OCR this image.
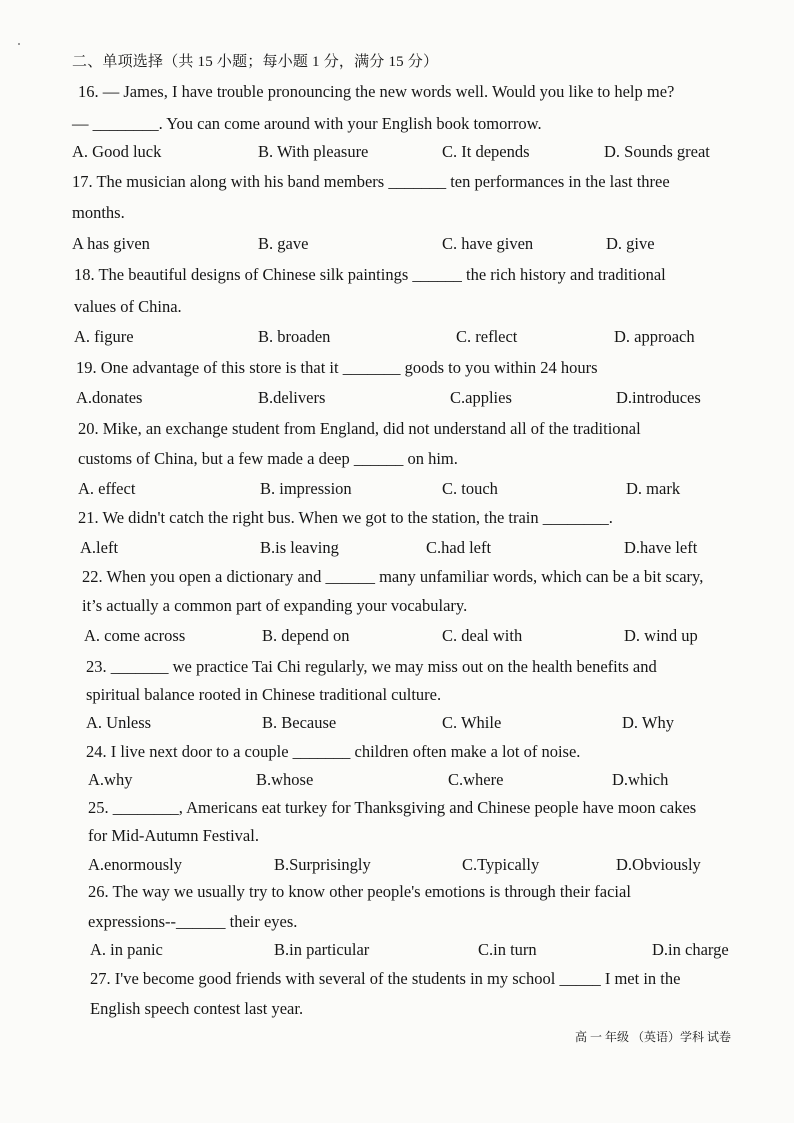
二、单项选择（共 15 小题；每小题 1 分，满分 15 分）
16. — James, I have trouble pronouncing the new words well. Would you like to help me?
— ________. You can come around with your English book tomorrow.
A. Good luck	B. With pleasure	C. It depends	D. Sounds great
17. The musician along with his band members _______ ten performances in the last three
months.
A has given	B. gave	C. have given	D. give
18. The beautiful designs of Chinese silk paintings ______ the rich history and traditional
values of China.
A. figure	B. broaden	C. reflect	D. approach
19. One advantage of this store is that it _______ goods to you within 24 hours
A.donates	B.delivers	C.applies	D.introduces
20. Mike, an exchange student from England, did not understand all of the traditional
customs of China, but a few made a deep ______ on him.
A. effect	B. impression	C. touch	D. mark
21. We didn't catch the right bus. When we got to the station, the train ________.
A.left	B.is leaving	C.had left	D.have left
22. When you open a dictionary and ______ many unfamiliar words, which can be a bit scary,
it’s actually a common part of expanding your vocabulary.
A. come across	B. depend on	C. deal with	D. wind up
23. _______ we practice Tai Chi regularly, we may miss out on the health benefits and
spiritual balance rooted in Chinese traditional culture.
A. Unless	B. Because	C. While	D. Why
24. I live next door to a couple _______ children often make a lot of noise.
A.why	B.whose	C.where	D.which
25. ________, Americans eat turkey for Thanksgiving and Chinese people have moon cakes
for Mid-Autumn Festival.
A.enormously	B.Surprisingly	C.Typically	D.Obviously
26. The way we usually try to know other people's emotions is through their facial
expressions--______ their eyes.
A. in panic	B.in particular	C.in turn	D.in charge
27. I've become good friends with several of the students in my school _____ I met in the
English speech contest last year.
高 一 年级 （英语）学科 试卷
